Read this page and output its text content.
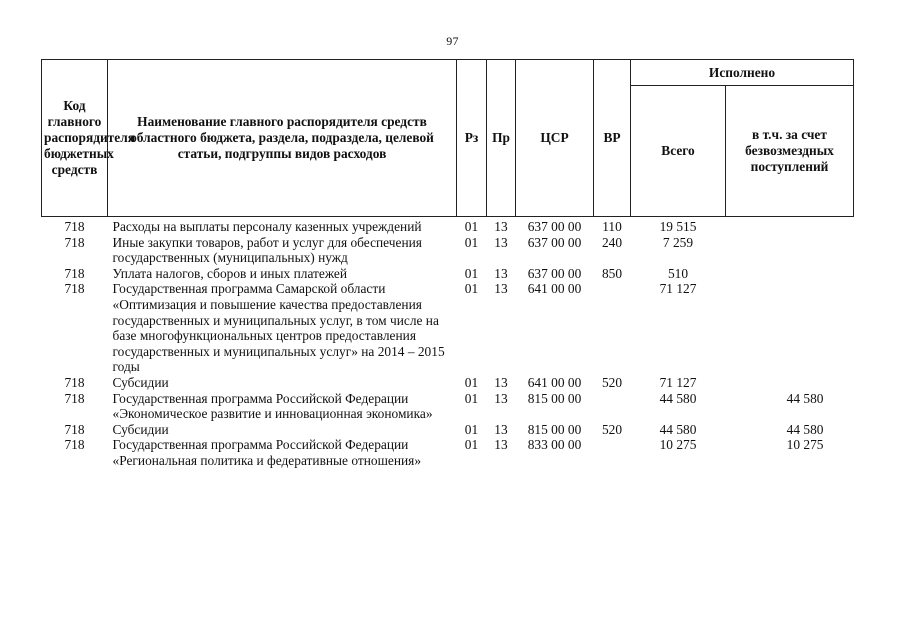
97
Код главного распорядителя бюджетных средств	Наименование главного распорядителя средств областного бюджета, раздела, подраздела, целевой статьи, подгруппы видов расходов	Рз	Пр	ЦСР	ВР	Исполнено	
						Всего	в т.ч. за счет безвозмездных поступлений
718	Расходы на выплаты персоналу казенных учреждений	01	13	637 00 00	110	19 515	
718	Иные закупки товаров, работ и услуг для обеспечения государственных (муниципальных) нужд	01	13	637 00 00	240	7 259	
718	Уплата налогов, сборов и иных платежей	01	13	637 00 00	850	510	
718	Государственная программа Самарской области «Оптимизация и повышение качества предоставления государственных и муниципальных услуг, в том числе на базе многофункциональных центров предоставления государственных и муниципальных услуг» на 2014 – 2015 годы	01	13	641 00 00		71 127	
718	Субсидии	01	13	641 00 00	520	71 127	
718	Государственная программа Российской Федерации «Экономическое развитие и инновационная экономика»	01	13	815 00 00		44 580	44 580
718	Субсидии	01	13	815 00 00	520	44 580	44 580
718	Государственная программа Российской Федерации «Региональная политика и федеративные отношения»	01	13	833 00 00		10 275	10 275
